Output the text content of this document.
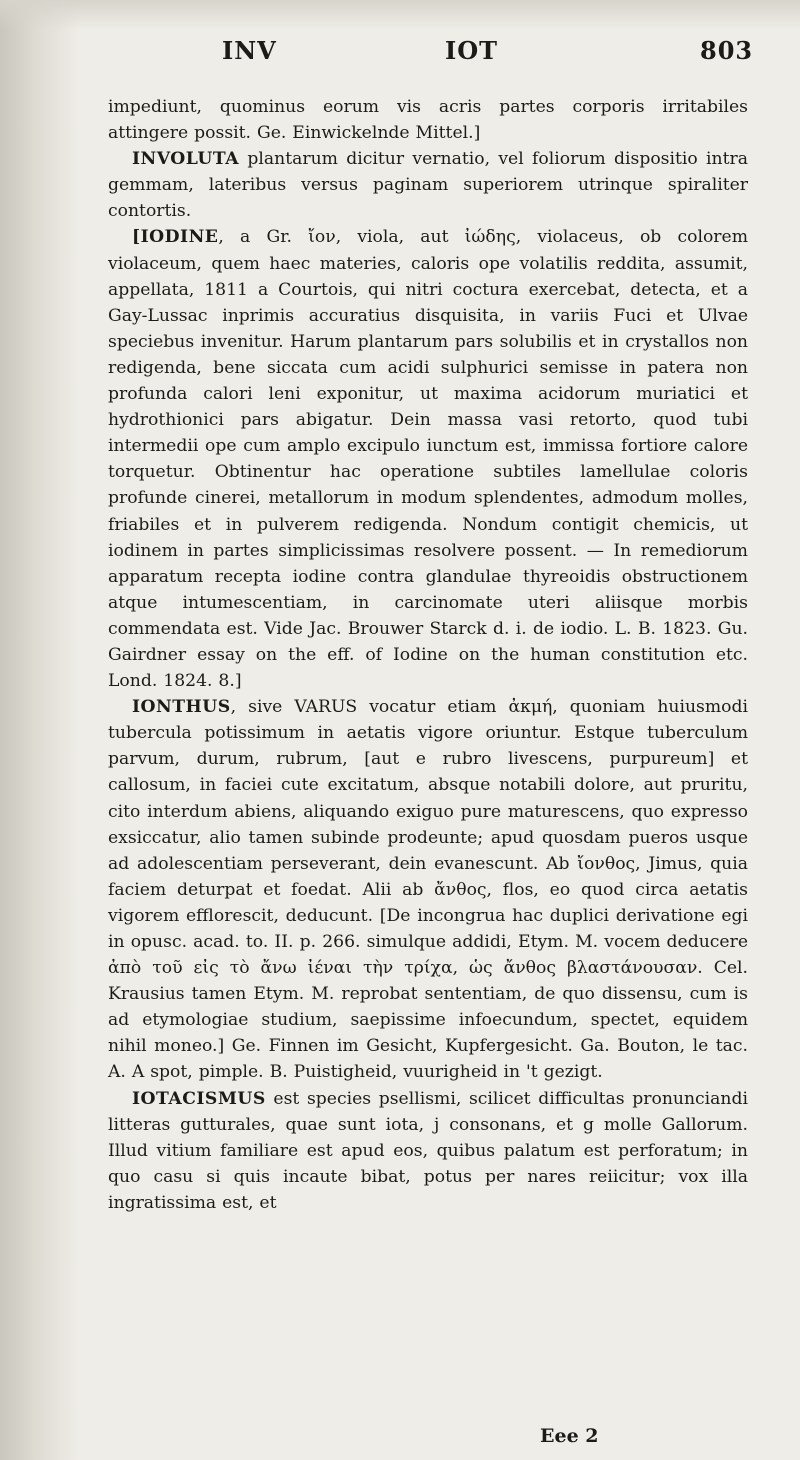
INV	IOT	803

impediunt, quominus eorum vis acris partes corporis irritabiles attingere possit. Ge. Einwickelnde Mittel.]

INVOLUTA plantarum dicitur vernatio, vel foliorum dispositio intra gemmam, lateribus versus paginam superiorem utrinque spiraliter contortis.

[IODINE, a Gr. ἴον, viola, aut ἰώδης, violaceus, ob colorem violaceum, quem haec materies, caloris ope volatilis reddita, assumit, appellata, 1811 a Courtois, qui nitri coctura exercebat, detecta, et a Gay-Lussac inprimis accuratius disquisita, in variis Fuci et Ulvae speciebus invenitur. Harum plantarum pars solubilis et in crystallos non redigenda, bene siccata cum acidi sulphurici semisse in patera non profunda calori leni exponitur, ut maxima acidorum muriatici et hydrothionici pars abigatur. Dein massa vasi retorto, quod tubi intermedii ope cum amplo excipulo iunctum est, immissa fortiore calore torquetur. Obtinentur hac operatione subtiles lamellulae coloris profunde cinerei, metallorum in modum splendentes, admodum molles, friabiles et in pulverem redigenda. Nondum contigit chemicis, ut iodinem in partes simplicissimas resolvere possent. — In remediorum apparatum recepta iodine contra glandulae thyreoidis obstructionem atque intumescentiam, in carcinomate uteri aliisque morbis commendata est. Vide Jac. Brouwer Starck d. i. de iodio. L. B. 1823. Gu. Gairdner essay on the eff. of Iodine on the human constitution etc. Lond. 1824. 8.]

IONTHUS, sive VARUS vocatur etiam ἀκμή, quoniam huiusmodi tubercula potissimum in aetatis vigore oriuntur. Estque tuberculum parvum, durum, rubrum, [aut e rubro livescens, purpureum] et callosum, in faciei cute excitatum, absque notabili dolore, aut pruritu, cito interdum abiens, aliquando exiguo pure maturescens, quo expresso exsiccatur, alio tamen subinde prodeunte; apud quosdam pueros usque ad adolescentiam perseverant, dein evanescunt. Ab ἴονθος, Jimus, quia faciem deturpat et foedat. Alii ab ἄνθος, flos, eo quod circa aetatis vigorem efflorescit, deducunt. [De incongrua hac duplici derivatione egi in opusc. acad. to. II. p. 266. simulque addidi, Etym. M. vocem deducere ἀπὸ τοῦ εἰς τὸ ἄνω ἰέναι τὴν τρίχα, ὡς ἄνθος βλαστάνουσαν. Cel. Krausius tamen Etym. M. reprobat sententiam, de quo dissensu, cum is ad etymologiae studium, saepissime infoecundum, spectet, equidem nihil moneo.] Ge. Finnen im Gesicht, Kupfergesicht. Ga. Bouton, le tac. A. A spot, pimple. B. Puistigheid, vuurigheid in 't gezigt.

IOTACISMUS est species psellismi, scilicet difficultas pronunciandi litteras gutturales, quae sunt iota, j consonans, et g molle Gallorum. Illud vitium familiare est apud eos, quibus palatum est perforatum; in quo casu si quis incaute bibat, potus per nares reiicitur; vox illa ingratissima est, et

Eee 2
